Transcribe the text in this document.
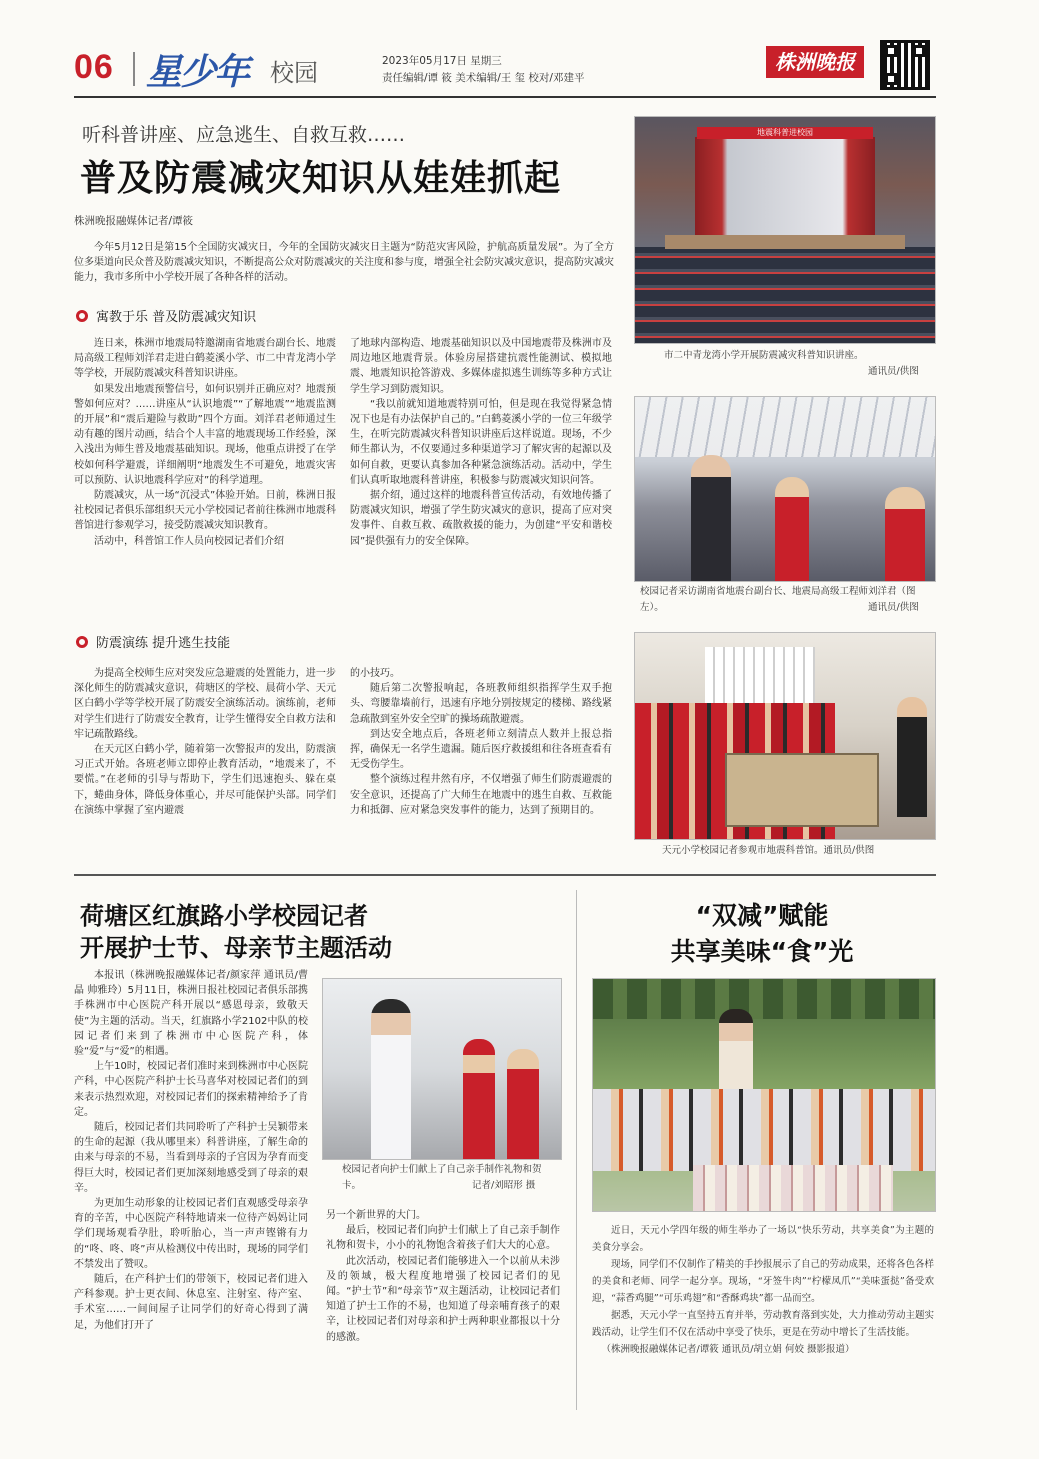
06 星少年 校园	2023年05月17日 星期三
责任编辑/谭 筱 美术编辑/王 玺 校对/邓建平
株洲晚报
听科普讲座、应急逃生、自救互救……
普及防震减灾知识从娃娃抓起
株洲晚报融媒体记者/谭筱

今年5月12日是第15个全国防灾减灾日，今年的全国防灾减灾日主题为“防范灾害风险，护航高质量发展”。为了全方位多渠道向民众普及防震减灾知识，不断提高公众对防震减灾的关注度和参与度，增强全社会防灾减灾意识，提高防灾减灾能力，我市多所中小学校开展了各种各样的活动。

寓教于乐 普及防震减灾知识

连日来，株洲市地震局特邀湖南省地震台副台长、地震局高级工程师刘洋君走进白鹤菱溪小学、市二中青龙湾小学等学校，开展防震减灾科普知识讲座。

如果发出地震预警信号，如何识别并正确应对？地震预警如何应对？……讲座从“认识地震”“了解地震”“地震监测的开展”和“震后避险与救助”四个方面。刘洋君老师通过生动有趣的图片动画，结合个人丰富的地震现场工作经验，深入浅出为师生普及地震基础知识。现场，他重点讲授了在学校如何科学避震，详细阐明“地震发生不可避免，地震灾害可以预防、认识地震科学应对”的科学道理。

防震减灾，从一场“沉浸式”体验开始。日前，株洲日报社校园记者俱乐部组织天元小学校园记者前往株洲市地震科普馆进行参观学习，接受防震减灾知识教育。

活动中，科普馆工作人员向校园记者们介绍

了地球内部构造、地震基础知识以及中国地震带及株洲市及周边地区地震背景。体验房屋搭建抗震性能测试、模拟地震、地震知识抢答游戏、多媒体虚拟逃生训练等多种方式让学生学习到防震知识。

“我以前就知道地震特别可怕，但是现在我觉得紧急情况下也是有办法保护自己的。”白鹤菱溪小学的一位三年级学生，在听完防震减灾科普知识讲座后这样说道。现场，不少师生都认为，不仅要通过多种渠道学习了解灾害的起源以及如何自救，更要认真参加各种紧急演练活动。活动中，学生们认真听取地震科普讲座，积极参与防震减灾知识问答。

据介绍，通过这样的地震科普宣传活动，有效地传播了防震减灾知识，增强了学生防灾减灾的意识，提高了应对突发事件、自救互救、疏散救援的能力，为创建“平安和谐校园”提供强有力的安全保障。

防震演练 提升逃生技能

为提高全校师生应对突发应急避震的处置能力，进一步深化师生的防震减灾意识，荷塘区的学校、晨荷小学、天元区白鹤小学等学校开展了防震安全演练活动。演练前，老师对学生们进行了防震安全教育，让学生懂得安全自救方法和牢记疏散路线。

在天元区白鹤小学，随着第一次警报声的发出，防震演习正式开始。各班老师立即停止教育活动，“地震来了，不要慌。”在老师的引导与帮助下，学生们迅速抱头、躲在桌下，蜷曲身体，降低身体重心，并尽可能保护头部。同学们在演练中掌握了室内避震

的小技巧。

随后第二次警报响起，各班教师组织指挥学生双手抱头、弯腰靠墙前行，迅速有序地分别按规定的楼梯、路线紧急疏散到室外安全空旷的操场疏散避震。

到达安全地点后，各班老师立刻清点人数并上报总指挥，确保无一名学生遗漏。随后医疗救援组和往各班查看有无受伤学生。

整个演练过程井然有序，不仅增强了师生们防震避震的安全意识，还提高了广大师生在地震中的逃生自救、互救能力和抵御、应对紧急突发事件的能力，达到了预期目的。

地震科普进校园
市二中青龙湾小学开展防震减灾科普知识讲座。
通讯员/供图
校园记者采访湖南省地震台副台长、地震局高级工程师刘洋君（图左）。	通讯员/供图
天元小学校园记者参观市地震科普馆。通讯员/供图
荷塘区红旗路小学校园记者
开展护士节、母亲节主题活动

本报讯（株洲晚报融媒体记者/颜家萍 通讯员/曹晶 帅雅玲）5月11日，株洲日报社校园记者俱乐部携手株洲市中心医院产科开展以“感恩母亲，致敬天使”为主题的活动。当天，红旗路小学2102中队的校园记者们来到了株洲市中心医院产科，体验“爱”与“爱”的相遇。

上午10时，校园记者们准时来到株洲市中心医院产科，中心医院产科护士长马喜华对校园记者们的到来表示热烈欢迎，对校园记者们的探索精神给予了肯定。

随后，校园记者们共同聆听了产科护士吴颖带来的生命的起源（我从哪里来）科普讲座，了解生命的由来与母亲的不易，当看到母亲的子宫因为孕育而变得巨大时，校园记者们更加深刻地感受到了母亲的艰辛。

为更加生动形象的让校园记者们直观感受母亲孕育的辛苦，中心医院产科特地请来一位待产妈妈让同学们现场观看孕肚，聆听胎心，当一声声铿锵有力的“咚、咚、咚”声从检测仪中传出时，现场的同学们不禁发出了赞叹。

随后，在产科护士们的带领下，校园记者们进入产科参观。护士更衣间、休息室、注射室、待产室、手术室……一间间屋子让同学们的好奇心得到了满足，为他们打开了

校园记者向护士们献上了自己亲手制作礼物和贺卡。	记者/刘昭形 摄

另一个新世界的大门。

最后，校园记者们向护士们献上了自己亲手制作礼物和贺卡，小小的礼物饱含着孩子们大大的心意。

此次活动，校园记者们能够进入一个以前从未涉及的领域，极大程度地增强了校园记者们的见闻。“护士节”和“母亲节”双主题活动，让校园记者们知道了护士工作的不易，也知道了母亲哺育孩子的艰辛，让校园记者们对母亲和护士两种职业都报以十分的感激。

“双减”赋能
共享美味“食”光

近日，天元小学四年级的师生举办了一场以“快乐劳动，共享美食”为主题的美食分享会。

现场，同学们不仅制作了精美的手抄报展示了自己的劳动成果，还将各色各样的美食和老师、同学一起分享。现场，“牙签牛肉”“柠檬凤爪”“美味蛋挞”备受欢迎，“蒜香鸡腿”“可乐鸡翅”和“香酥鸡块”都一品而空。

据悉，天元小学一直坚持五育并举，劳动教育落到实处，大力推动劳动主题实践活动，让学生们不仅在活动中享受了快乐，更是在劳动中增长了生活技能。

（株洲晚报融媒体记者/谭筱 通讯员/胡立娟 何姣 摄影报道）
